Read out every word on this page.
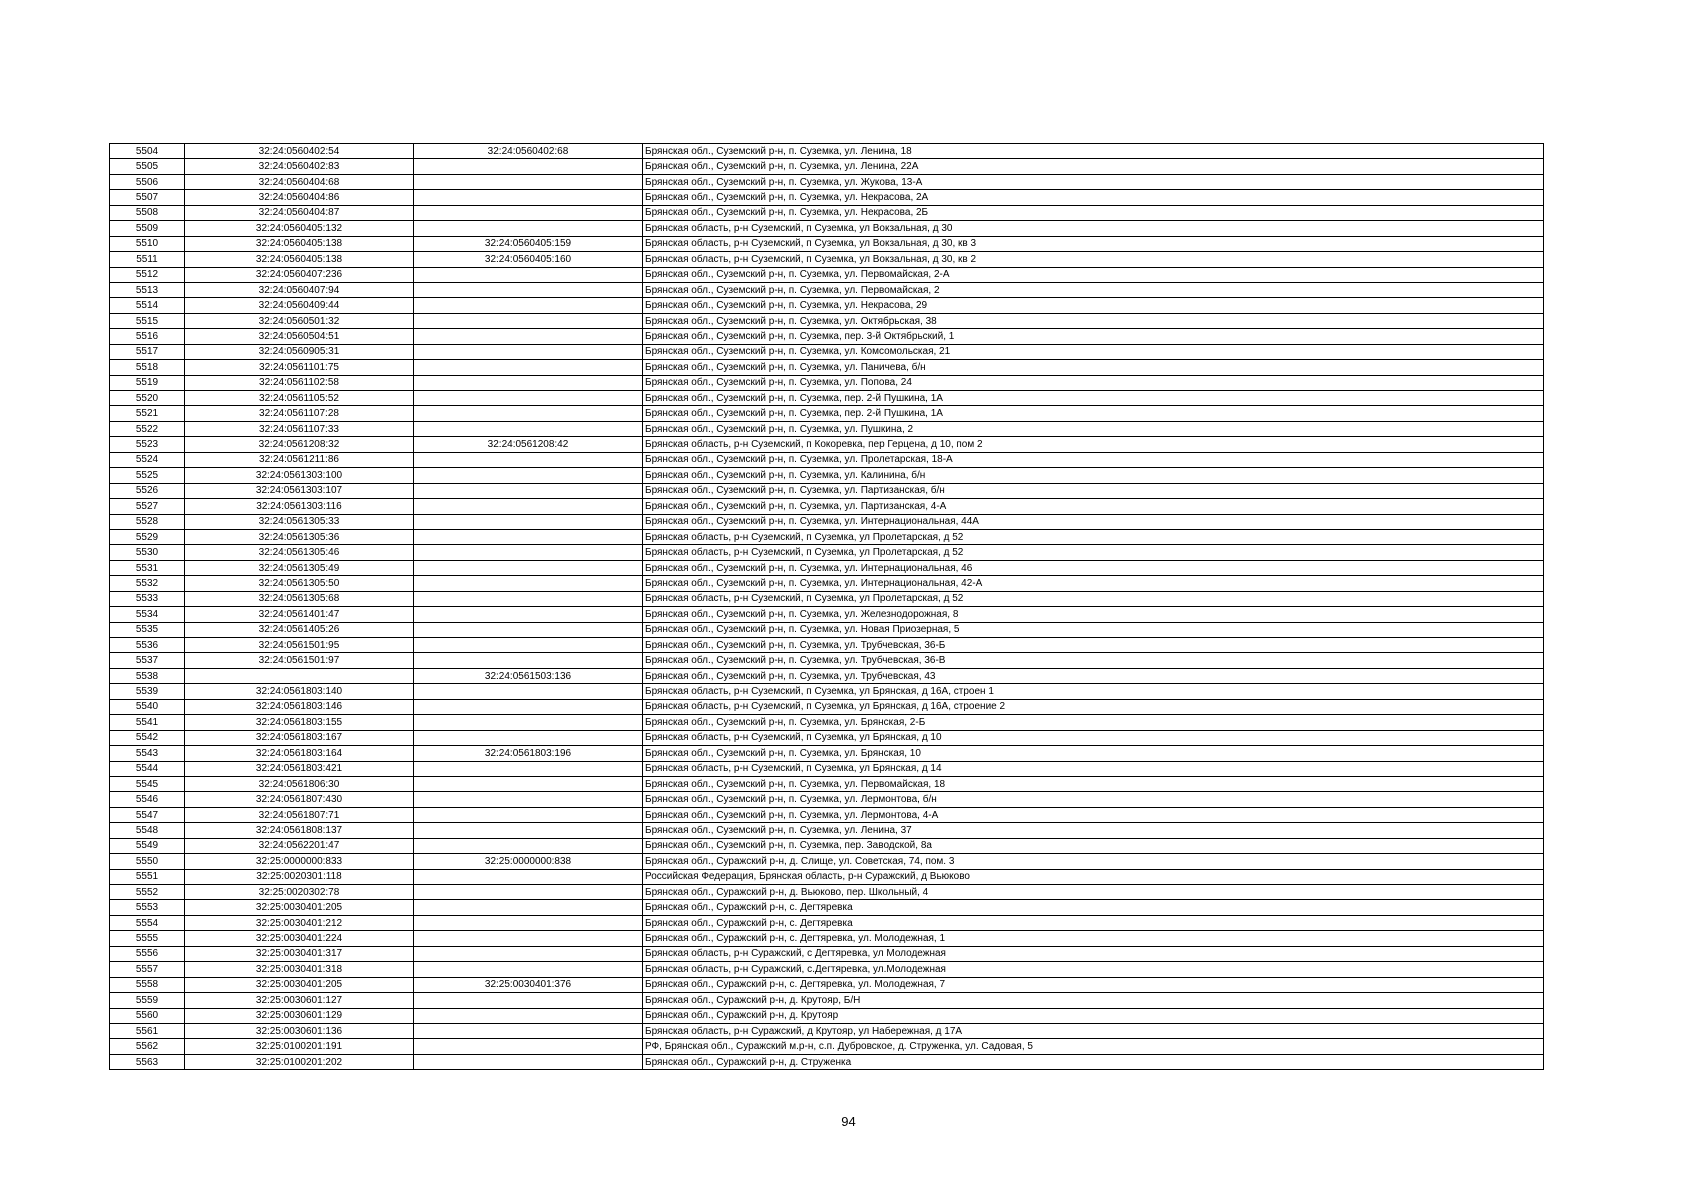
5504	32:24:0560402:54	32:24:0560402:68	Брянская обл., Суземский р-н, п. Суземка, ул. Ленина, 18
5505	32:24:0560402:83		Брянская обл., Суземский р-н, п. Суземка, ул. Ленина, 22А
5506	32:24:0560404:68		Брянская обл., Суземский р-н, п. Суземка, ул. Жукова, 13-А
5507	32:24:0560404:86		Брянская обл., Суземский р-н, п. Суземка, ул. Некрасова, 2А
5508	32:24:0560404:87		Брянская обл., Суземский р-н, п. Суземка, ул. Некрасова, 2Б
5509	32:24:0560405:132		Брянская область, р-н Суземский, п Суземка, ул Вокзальная, д 30
5510	32:24:0560405:138	32:24:0560405:159	Брянская область, р-н Суземский, п Суземка, ул Вокзальная, д 30, кв 3
5511	32:24:0560405:138	32:24:0560405:160	Брянская область, р-н Суземский, п Суземка, ул Вокзальная, д 30, кв 2
5512	32:24:0560407:236		Брянская обл., Суземский р-н, п. Суземка, ул. Первомайская, 2-А
5513	32:24:0560407:94		Брянская обл., Суземский р-н, п. Суземка, ул. Первомайская, 2
5514	32:24:0560409:44		Брянская обл., Суземский р-н, п. Суземка, ул. Некрасова, 29
5515	32:24:0560501:32		Брянская обл., Суземский р-н, п. Суземка, ул. Октябрьская, 38
5516	32:24:0560504:51		Брянская обл., Суземский р-н, п. Суземка, пер. 3-й Октябрьский, 1
5517	32:24:0560905:31		Брянская обл., Суземский р-н, п. Суземка, ул. Комсомольская, 21
5518	32:24:0561101:75		Брянская обл., Суземский р-н, п. Суземка, ул. Паничева, б/н
5519	32:24:0561102:58		Брянская обл., Суземский р-н, п. Суземка, ул. Попова, 24
5520	32:24:0561105:52		Брянская обл., Суземский р-н, п. Суземка, пер. 2-й Пушкина, 1А
5521	32:24:0561107:28		Брянская обл., Суземский р-н, п. Суземка, пер. 2-й Пушкина, 1А
5522	32:24:0561107:33		Брянская обл., Суземский р-н, п. Суземка, ул. Пушкина, 2
5523	32:24:0561208:32	32:24:0561208:42	Брянская область, р-н Суземский, п Кокоревка, пер Герцена, д 10, пом 2
5524	32:24:0561211:86		Брянская обл., Суземский р-н, п. Суземка, ул. Пролетарская, 18-А
5525	32:24:0561303:100		Брянская обл., Суземский р-н, п. Суземка, ул. Калинина, б/н
5526	32:24:0561303:107		Брянская обл., Суземский р-н, п. Суземка, ул. Партизанская, б/н
5527	32:24:0561303:116		Брянская обл., Суземский р-н, п. Суземка, ул. Партизанская, 4-А
5528	32:24:0561305:33		Брянская обл., Суземский р-н, п. Суземка, ул. Интернациональная, 44А
5529	32:24:0561305:36		Брянская область, р-н Суземский, п Суземка, ул Пролетарская, д 52
5530	32:24:0561305:46		Брянская область, р-н Суземский, п Суземка, ул Пролетарская, д 52
5531	32:24:0561305:49		Брянская обл., Суземский р-н, п. Суземка, ул. Интернациональная, 46
5532	32:24:0561305:50		Брянская обл., Суземский р-н, п. Суземка, ул. Интернациональная, 42-А
5533	32:24:0561305:68		Брянская область, р-н Суземский, п Суземка, ул Пролетарская, д 52
5534	32:24:0561401:47		Брянская обл., Суземский р-н, п. Суземка, ул. Железнодорожная, 8
5535	32:24:0561405:26		Брянская обл., Суземский р-н, п. Суземка, ул. Новая Приозерная, 5
5536	32:24:0561501:95		Брянская обл., Суземский р-н, п. Суземка, ул. Трубчевская, 36-Б
5537	32:24:0561501:97		Брянская обл., Суземский р-н, п. Суземка, ул. Трубчевская, 36-В
5538		32:24:0561503:136	Брянская обл., Суземский р-н, п. Суземка, ул. Трубчевская, 43
5539	32:24:0561803:140		Брянская область, р-н Суземский, п Суземка, ул Брянская, д 16А, строен 1
5540	32:24:0561803:146		Брянская область, р-н Суземский, п Суземка, ул Брянская, д 16А, строение 2
5541	32:24:0561803:155		Брянская обл., Суземский р-н, п. Суземка, ул. Брянская, 2-Б
5542	32:24:0561803:167		Брянская область, р-н Суземский, п Суземка, ул Брянская, д 10
5543	32:24:0561803:164	32:24:0561803:196	Брянская обл., Суземский р-н, п. Суземка, ул. Брянская, 10
5544	32:24:0561803:421		Брянская область, р-н Суземский, п Суземка, ул Брянская, д 14
5545	32:24:0561806:30		Брянская обл., Суземский р-н, п. Суземка, ул. Первомайская, 18
5546	32:24:0561807:430		Брянская обл., Суземский р-н, п. Суземка, ул. Лермонтова, б/н
5547	32:24:0561807:71		Брянская обл., Суземский р-н, п. Суземка, ул. Лермонтова, 4-А
5548	32:24:0561808:137		Брянская обл., Суземский р-н, п. Суземка, ул. Ленина, 37
5549	32:24:0562201:47		Брянская обл., Суземский р-н, п. Суземка, пер. Заводской, 8а
5550	32:25:0000000:833	32:25:0000000:838	Брянская обл., Суражский р-н, д. Слище, ул. Советская, 74, пом. 3
5551	32:25:0020301:118		Российская Федерация, Брянская область, р-н Суражский, д Вьюково
5552	32:25:0020302:78		Брянская обл., Суражский р-н, д. Вьюково, пер. Школьный, 4
5553	32:25:0030401:205		Брянская обл., Суражский р-н, с. Дегтяревка
5554	32:25:0030401:212		Брянская обл., Суражский р-н, с. Дегтяревка
5555	32:25:0030401:224		Брянская обл., Суражский р-н, с. Дегтяревка, ул. Молодежная, 1
5556	32:25:0030401:317		Брянская область, р-н Суражский, с Дегтяревка, ул Молодежная
5557	32:25:0030401:318		Брянская область, р-н Суражский, с.Дегтяревка, ул.Молодежная
5558	32:25:0030401:205	32:25:0030401:376	Брянская обл., Суражский р-н, с. Дегтяревка, ул. Молодежная, 7
5559	32:25:0030601:127		Брянская обл., Суражский р-н, д. Крутояр, Б/Н
5560	32:25:0030601:129		Брянская обл., Суражский р-н, д. Крутояр
5561	32:25:0030601:136		Брянская область, р-н Суражский, д Крутояр, ул Набережная, д 17А
5562	32:25:0100201:191		РФ, Брянская обл., Суражский м.р-н, с.п. Дубровское, д. Струженка, ул. Садовая, 5
5563	32:25:0100201:202		Брянская обл., Суражский р-н, д. Струженка
94
